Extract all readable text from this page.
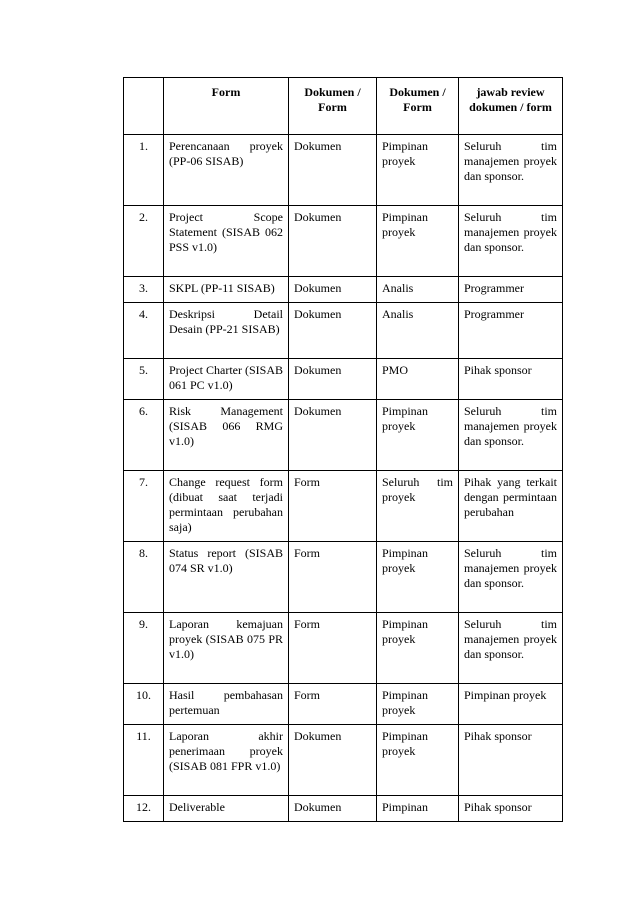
	Form	Dokumen / Form	Dokumen / Form	jawab review dokumen / form
1.	Perencanaan proyek (PP-06 SISAB)	Dokumen	Pimpinan proyek	Seluruh tim manajemen proyek dan sponsor.
2.	Project Scope Statement (SISAB 062 PSS v1.0)	Dokumen	Pimpinan proyek	Seluruh tim manajemen proyek dan sponsor.
3.	SKPL (PP-11 SISAB)	Dokumen	Analis	Programmer
4.	Deskripsi Detail Desain (PP-21 SISAB)	Dokumen	Analis	Programmer
5.	Project Charter (SISAB 061 PC v1.0)	Dokumen	PMO	Pihak sponsor
6.	Risk Management (SISAB 066 RMG v1.0)	Dokumen	Pimpinan proyek	Seluruh tim manajemen proyek dan sponsor.
7.	Change request form (dibuat saat terjadi permintaan perubahan saja)	Form	Seluruh tim proyek	Pihak yang terkait dengan permintaan perubahan
8.	Status report (SISAB 074 SR v1.0)	Form	Pimpinan proyek	Seluruh tim manajemen proyek dan sponsor.
9.	Laporan kemajuan proyek (SISAB 075 PR v1.0)	Form	Pimpinan proyek	Seluruh tim manajemen proyek dan sponsor.
10.	Hasil pembahasan pertemuan	Form	Pimpinan proyek	Pimpinan proyek
11.	Laporan akhir penerimaan proyek (SISAB 081 FPR v1.0)	Dokumen	Pimpinan proyek	Pihak sponsor
12.	Deliverable	Dokumen	Pimpinan	Pihak sponsor
